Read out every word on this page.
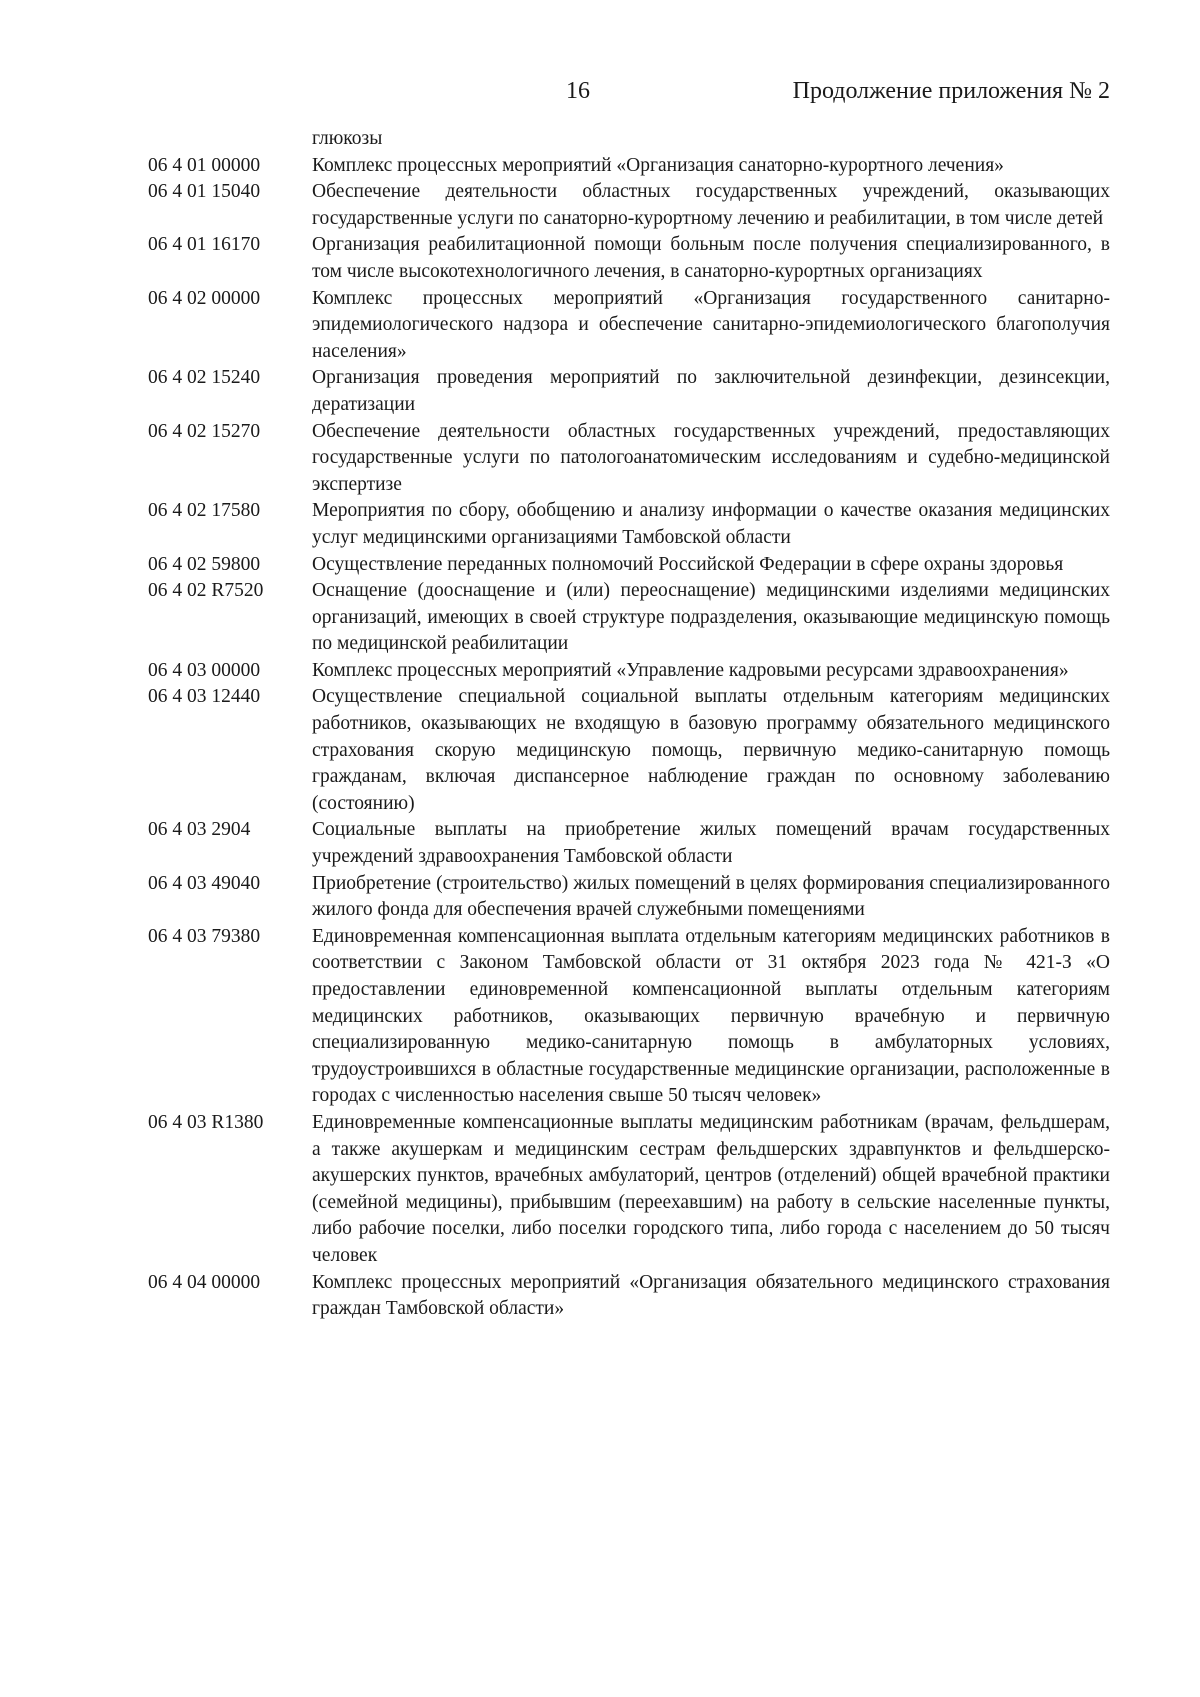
16	Продолжение приложения № 2
глюкозы
06 4 01 00000	Комплекс процессных мероприятий «Организация санаторно-курортного лечения»
06 4 01 15040	Обеспечение деятельности областных государственных учреждений, оказывающих государственные услуги по санаторно-курортному лечению и реабилитации, в том числе детей
06 4 01 16170	Организация реабилитационной помощи больным после получения специализированного, в том числе высокотехнологичного лечения, в санаторно-курортных организациях
06 4 02 00000	Комплекс процессных мероприятий «Организация государственного санитарно-эпидемиологического надзора и обеспечение санитарно-эпидемиологического благополучия населения»
06 4 02 15240	Организация проведения мероприятий по заключительной дезинфекции, дезинсекции, дератизации
06 4 02 15270	Обеспечение деятельности областных государственных учреждений, предоставляющих государственные услуги по патологоанатомическим исследованиям и судебно-медицинской экспертизе
06 4 02 17580	Мероприятия по сбору, обобщению и анализу информации о качестве оказания медицинских услуг медицинскими организациями Тамбовской области
06 4 02 59800	Осуществление переданных полномочий Российской Федерации в сфере охраны здоровья
06 4 02 R7520	Оснащение (дооснащение и (или) переоснащение) медицинскими изделиями медицинских организаций, имеющих в своей структуре подразделения, оказывающие медицинскую помощь по медицинской реабилитации
06 4 03 00000	Комплекс процессных мероприятий «Управление кадровыми ресурсами здравоохранения»
06 4 03 12440	Осуществление специальной социальной выплаты отдельным категориям медицинских работников, оказывающих не входящую в базовую программу обязательного медицинского страхования скорую медицинскую помощь, первичную медико-санитарную помощь гражданам, включая диспансерное наблюдение граждан по основному заболеванию (состоянию)
06 4 03 2904	Социальные выплаты на приобретение жилых помещений врачам государственных учреждений здравоохранения Тамбовской области
06 4 03 49040	Приобретение (строительство) жилых помещений в целях формирования специализированного жилого фонда для обеспечения врачей служебными помещениями
06 4 03 79380	Единовременная компенсационная выплата отдельным категориям медицинских работников в соответствии с Законом Тамбовской области от 31 октября 2023 года № 421-З «О предоставлении единовременной компенсационной выплаты отдельным категориям медицинских работников, оказывающих первичную врачебную и первичную специализированную медико-санитарную помощь в амбулаторных условиях, трудоустроившихся в областные государственные медицинские организации, расположенные в городах с численностью населения свыше 50 тысяч человек»
06 4 03 R1380	Единовременные компенсационные выплаты медицинским работникам (врачам, фельдшерам, а также акушеркам и медицинским сестрам фельдшерских здравпунктов и фельдшерско-акушерских пунктов, врачебных амбулаторий, центров (отделений) общей врачебной практики (семейной медицины), прибывшим (переехавшим) на работу в сельские населенные пункты, либо рабочие поселки, либо поселки городского типа, либо города с населением до 50 тысяч человек
06 4 04 00000	Комплекс процессных мероприятий «Организация обязательного медицинского страхования граждан Тамбовской области»
